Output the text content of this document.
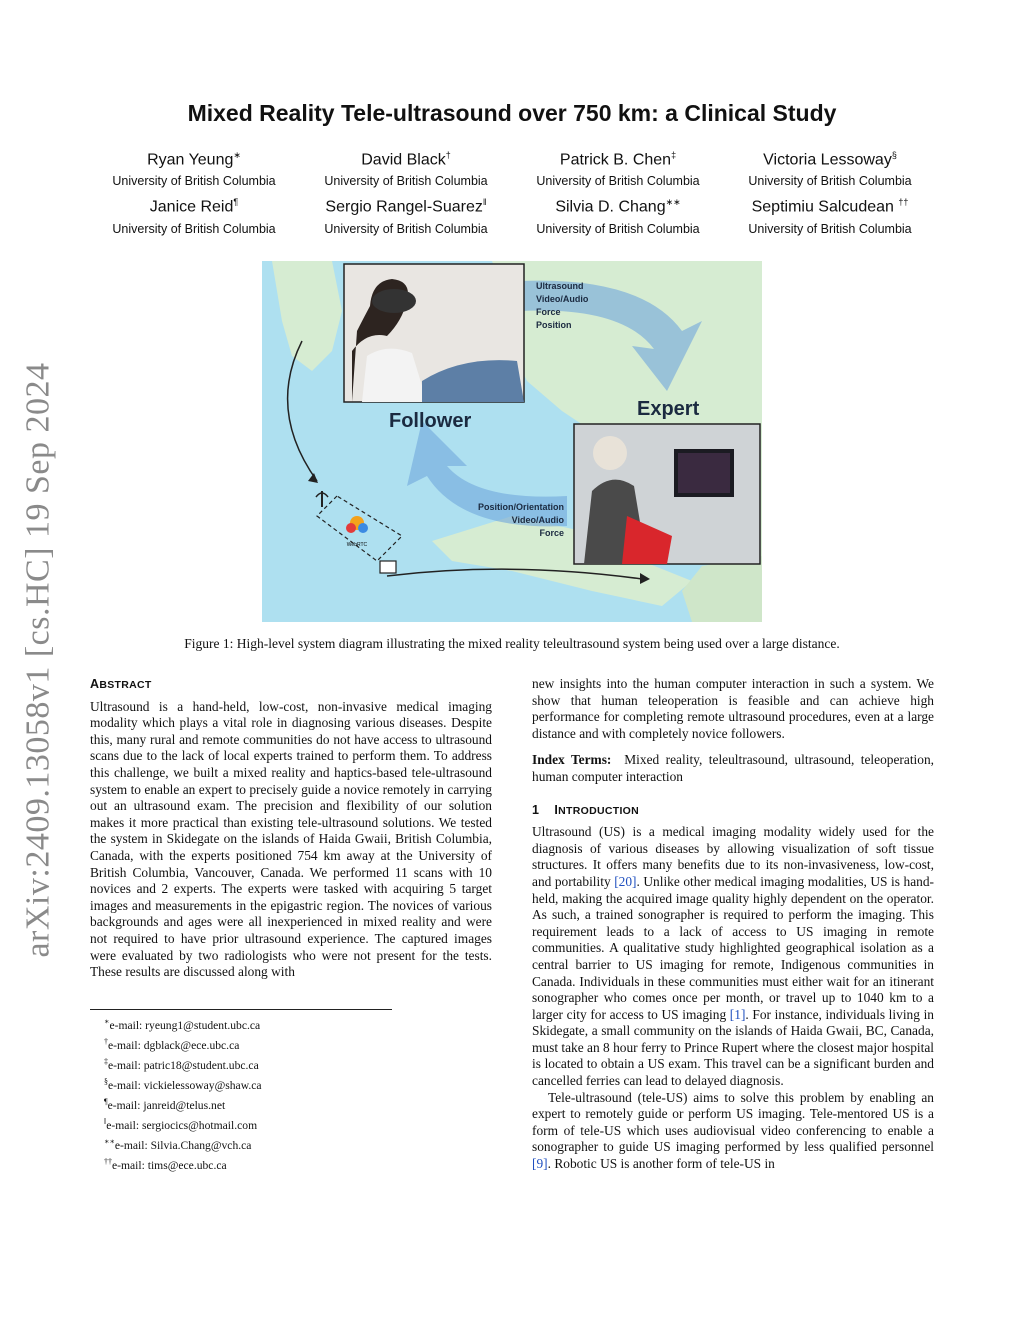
arXiv:2409.13058v1 [cs.HC] 19 Sep 2024
Mixed Reality Tele-ultrasound over 750 km: a Clinical Study
Ryan Yeung∗
University of British Columbia
David Black†
University of British Columbia
Patrick B. Chen‡
University of British Columbia
Victoria Lessoway§
University of British Columbia
Janice Reid¶
University of British Columbia
Sergio Rangel-Suarez‖
University of British Columbia
Silvia D. Chang∗∗
University of British Columbia
Septimiu Salcudean ††
University of British Columbia
WebRTC
Follower
Expert
Ultrasound
Video/Audio
Force
Position
Position/Orientation
Video/Audio
Force
Figure 1: High-level system diagram illustrating the mixed reality teleultrasound system being used over a large distance.
ABSTRACT

Ultrasound is a hand-held, low-cost, non-invasive medical imaging modality which plays a vital role in diagnosing various diseases. Despite this, many rural and remote communities do not have access to ultrasound scans due to the lack of local experts trained to perform them. To address this challenge, we built a mixed reality and haptics-based tele-ultrasound system to enable an expert to precisely guide a novice remotely in carrying out an ultrasound exam. The precision and flexibility of our solution makes it more practical than existing tele-ultrasound solutions. We tested the system in Skidegate on the islands of Haida Gwaii, British Columbia, Canada, with the experts positioned 754 km away at the University of British Columbia, Vancouver, Canada. We performed 11 scans with 10 novices and 2 experts. The experts were tasked with acquiring 5 target images and measurements in the epigastric region. The novices of various backgrounds and ages were all inexperienced in mixed reality and were not required to have prior ultrasound experience. The captured images were evaluated by two radiologists who were not present for the tests. These results are discussed along with

∗e-mail: ryeung1@student.ubc.ca
†e-mail: dgblack@ece.ubc.ca
‡e-mail: patric18@student.ubc.ca
§e-mail: vickielessoway@shaw.ca
¶e-mail: janreid@telus.net
‖e-mail: sergiocics@hotmail.com
∗∗e-mail: Silvia.Chang@vch.ca
††e-mail: tims@ece.ubc.ca

new insights into the human computer interaction in such a system. We show that human teleoperation is feasible and can achieve high performance for completing remote ultrasound procedures, even at a large distance and with completely novice followers.

Index Terms: Mixed reality, teleultrasound, ultrasound, teleoperation, human computer interaction

1 INTRODUCTION

Ultrasound (US) is a medical imaging modality widely used for the diagnosis of various diseases by allowing visualization of soft tissue structures. It offers many benefits due to its non-invasiveness, low-cost, and portability [20]. Unlike other medical imaging modalities, US is hand-held, making the acquired image quality highly dependent on the operator. As such, a trained sonographer is required to perform the imaging. This requirement leads to a lack of access to US imaging in remote communities. A qualitative study highlighted geographical isolation as a central barrier to US imaging for remote, Indigenous communities in Canada. Individuals in these communities must either wait for an itinerant sonographer who comes once per month, or travel up to 1040 km to a larger city for access to US imaging [1]. For instance, individuals living in Skidegate, a small community on the islands of Haida Gwaii, BC, Canada, must take an 8 hour ferry to Prince Rupert where the closest major hospital is located to obtain a US exam. This travel can be a significant burden and cancelled ferries can lead to delayed diagnosis.

Tele-ultrasound (tele-US) aims to solve this problem by enabling an expert to remotely guide or perform US imaging. Tele-mentored US is a form of tele-US which uses audiovisual video conferencing to enable a sonographer to guide US imaging performed by less qualified personnel [9]. Robotic US is another form of tele-US in
